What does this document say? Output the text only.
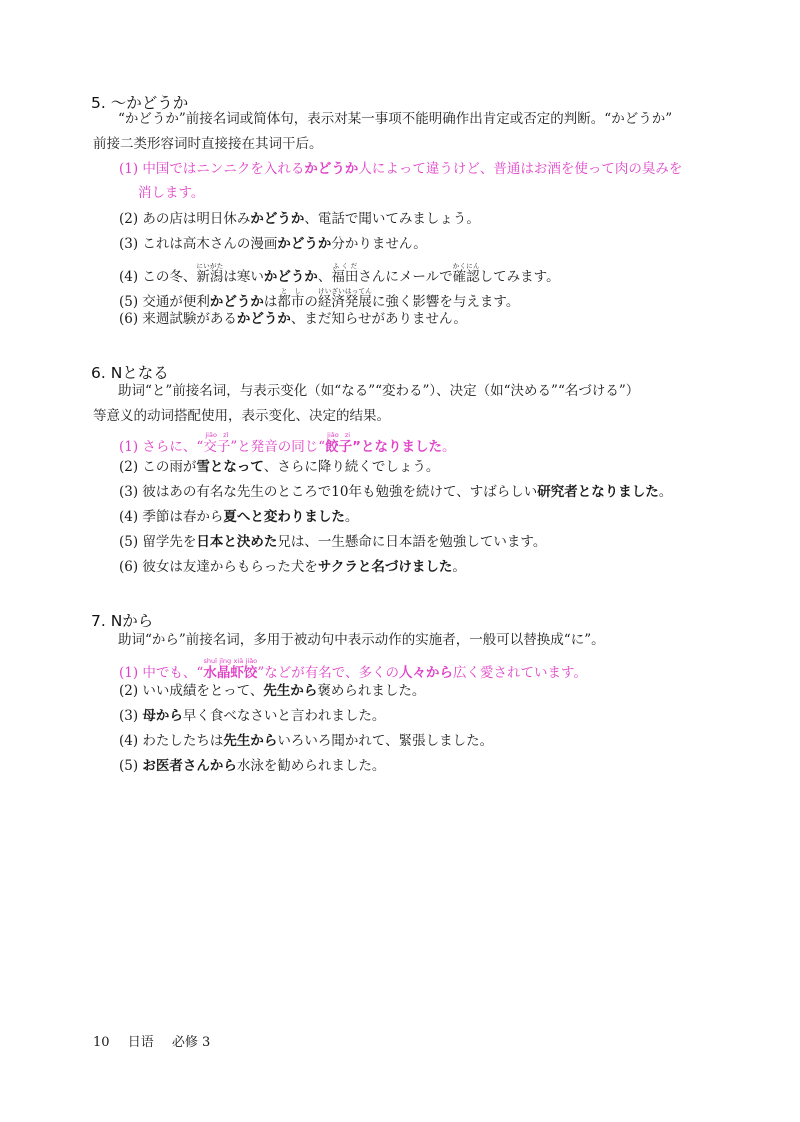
5. ～かどうか
“かどうか”前接名词或简体句，表示对某一事项不能明确作出肯定或否定的判断。“かどうか”
前接二类形容词时直接接在其词干后。
(1) 中国ではニンニクを入れるかどうか人によって違うけど、普通はお酒を使って肉の臭みを
消します。
(2) あの店は明日休みかどうか、電話で聞いてみましょう。
(3) これは高木さんの漫画かどうか分かりません。
(4) この冬、新潟にいがたは寒いかどうか、福田ふくださんにメールで確認かくにんしてみます。
(5) 交通が便利かどうかは都市としの経済発展けいざいはってんに強く影響を与えます。
(6) 来週試験があるかどうか、まだ知らせがありません。
6. Nとなる
助词“と”前接名词，与表示变化（如“なる”“変わる”）、决定（如“決める”“名づける”）
等意义的动词搭配使用，表示变化、决定的结果。
(1) さらに、“交子jiāo zǐ”と発音の同じ“餃子jiǎo zi”となりました。
(2) この雨が雪となって、さらに降り続くでしょう。
(3) 彼はあの有名な先生のところで10年も勉強を続けて、すばらしい研究者となりました。
(4) 季節は春から夏へと変わりました。
(5) 留学先を日本と決めた兄は、一生懸命に日本語を勉強しています。
(6) 彼女は友達からもらった犬をサクラと名づけました。
7. Nから
助词“から”前接名词，多用于被动句中表示动作的实施者，一般可以替换成“に”。
(1) 中でも、“水晶虾饺shuǐ jīng xiā jiǎo”などが有名で、多くの人々から広く愛されています。
(2) いい成績をとって、先生から褒められました。
(3) 母から早く食べなさいと言われました。
(4) わたしたちは先生からいろいろ聞かれて、緊張しました。
(5) お医者さんから水泳を勧められました。
10 日语 必修 3
